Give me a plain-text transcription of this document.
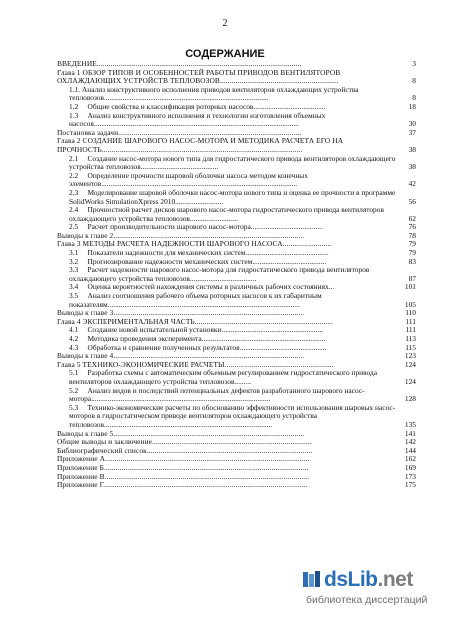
2
СОДЕРЖАНИЕ
ВВЕДЕНИЕ.........................................................................................................	3
Глава 1 ОБЗОР ТИПОВ И ОСОБЕННОСТЕЙ РАБОТЫ ПРИВОДОВ ВЕНТИЛЯТОРОВ ОХЛАЖДАЮЩИХ УСТРОЙСТВ ТЕПЛОВОЗОВ.............................................................	8
1.1. Анализ конструктивного исполнения приводов вентиляторов охлаждающих устройства тепловозов.........................................................................................	8
1.2     Общие свойства и классификация роторных насосов.......................................	18
1.3     Анализ конструктивного исполнения и технологии изготовления объемных насосов...............................................................................................................	30
Постановка задачи..............................................................................................	37
Глава 2 СОЗДАНИЕ ШАРОВОГО НАСОС-МОТОРА И МЕТОДИКА РАСЧЕТА ЕГО НА ПРОЧНОСТЬ.......................................................................................................	38
2.1     Создание насос-мотора нового типа для гидростатического привода вентиляторов охлаждающего устройства тепловозов..........................................	38
2.2     Определение прочности шаровой оболочки насоса методом конечных элементов..........................................................................................................	42
2.3     Моделирование шаровой оболочки насос-мотора нового типа и оценка ее прочности в программе SolidWorks SimulationXpress 2010..........................	56
2.4     Прочностной расчет дисков шарового насос-мотора гидростатического привода вентиляторов охлаждающего устройства тепловозов..........................	62
2.5     Расчет производительности шарового насос-мотора.......................................	76
Выводы к главе 2..................................................................................................	78
Глава 3 МЕТОДЫ РАСЧЕТА НАДЕЖНОСТИ ШАРОВОГО НАСОСА.........................	79
3.1     Показатели надежности для механических систем.............................................	79
3.2     Прогнозирование надежности механических систем........................................	83
3.3     Расчет надежности шарового насос-мотора для гидростатического привода вентиляторов охлаждающего устройства тепловозов....................................	87
3.4     Оценка вероятностей нахождения системы в различных рабочих состояниях...	101
3.5     Анализ соотношения рабочего объема роторных насосов к их габаритным показателям........................................................................................................	105
Выводы к главе 3..................................................................................................	110
Глава 4 ЭКСПЕРИМЕНТАЛЬНАЯ ЧАСТЬ.......................................................................	111
4.1     Создание новой испытательной установки.......................................................	111
4.2     Методика проведения эксперимента...................................................................	113
4.3     Обработка и сравнение полученных результатов...............................................	115
Выводы к главе 4..................................................................................................	123
Глава 5 ТЕХНИКО-ЭКОНОМИЧЕСКИЕ РАСЧЕТЫ........................................................	124
5.1     Разработка схемы с автоматическим объемным регулированием гидростатического привода вентиляторов охлаждающего устройства тепловозов.........	124
5.2     Анализ видов и последствий потенциальных дефектов разработанного шарового насос-мотора.................................................................................................	128
5.3     Технико-экономические расчеты по обоснованию эффективности использования шаровых насос-моторов в гидростатическом приводе вентиляторов охлаждающего устройства тепловозов...........................................................................................	135
Выводы к главе 5..................................................................................................	141
Общие выводы и заключение..................................................................................	142
Библиографический список.....................................................................................	144
Приложение А.........................................................................................................	162
Приложение Б.........................................................................................................	169
Приложение В.........................................................................................................	173
Приложение Г.........................................................................................................	175
dsLib.net
библиотека диссертаций
